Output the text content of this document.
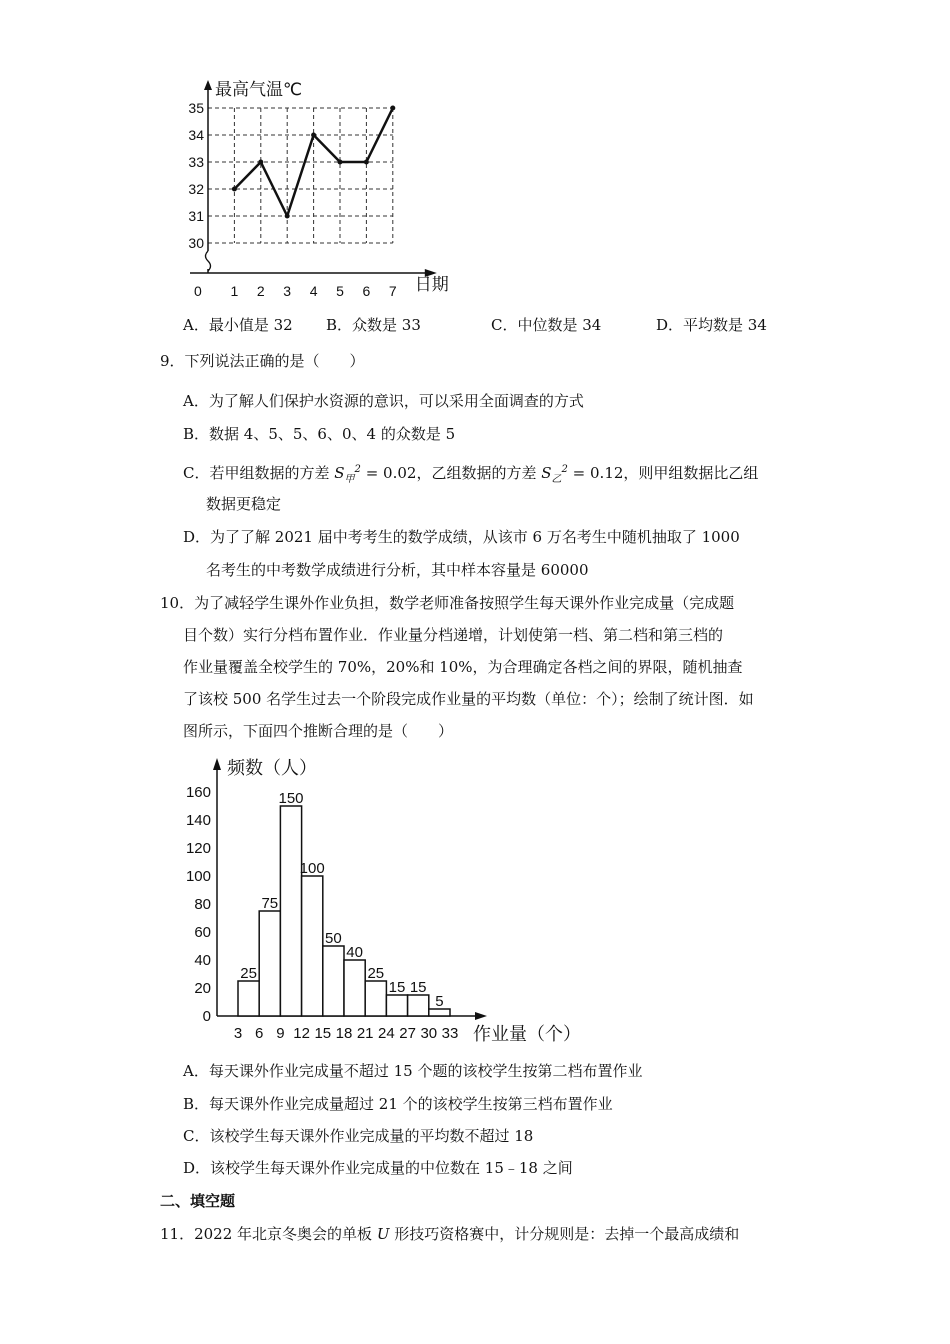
最高气温℃
日期
0
30
31
32
33
34
35
1 2 3 4 5 6 7
A．最小值是 32 B．众数是 33	C．中位数是 34	D．平均数是 34
9．下列说法正确的是（　　）
A．为了解人们保护水资源的意识，可以采用全面调查的方式
B．数据 4、5、5、6、0、4 的众数是 5
C．若甲组数据的方差 $S_甲^2 = 0.02$，乙组数据的方差 $S_乙^2 = 0.12$，则甲组数据比乙组
数据更稳定
D．为了了解 2021 届中考考生的数学成绩，从该市 6 万名考生中随机抽取了 1000
名考生的中考数学成绩进行分析，其中样本容量是 60000
10．为了减轻学生课外作业负担，数学老师准备按照学生每天课外作业完成量（完成题
目个数）实行分档布置作业．作业量分档递增，计划使第一档、第二档和第三档的
作业量覆盖全校学生的 70%，20%和 10%，为合理确定各档之间的界限，随机抽查
了该校 500 名学生过去一个阶段完成作业量的平均数（单位：个）；绘制了统计图．如
图所示，下面四个推断合理的是（　　）
频数（人）
0
20
40
60
80
100
120
140
160
25
75
150
100
50
40
25
15 15
5
3 6 9 12 15 18 21 24 27 30 33 作业量（个）
A．每天课外作业完成量不超过 15 个题的该校学生按第二档布置作业
B．每天课外作业完成量超过 21 个的该校学生按第三档布置作业
C．该校学生每天课外作业完成量的平均数不超过 18
D．该校学生每天课外作业完成量的中位数在 15﹣18 之间
二、填空题
11．2022 年北京冬奥会的单板 U 形技巧资格赛中，计分规则是：去掉一个最高成绩和
